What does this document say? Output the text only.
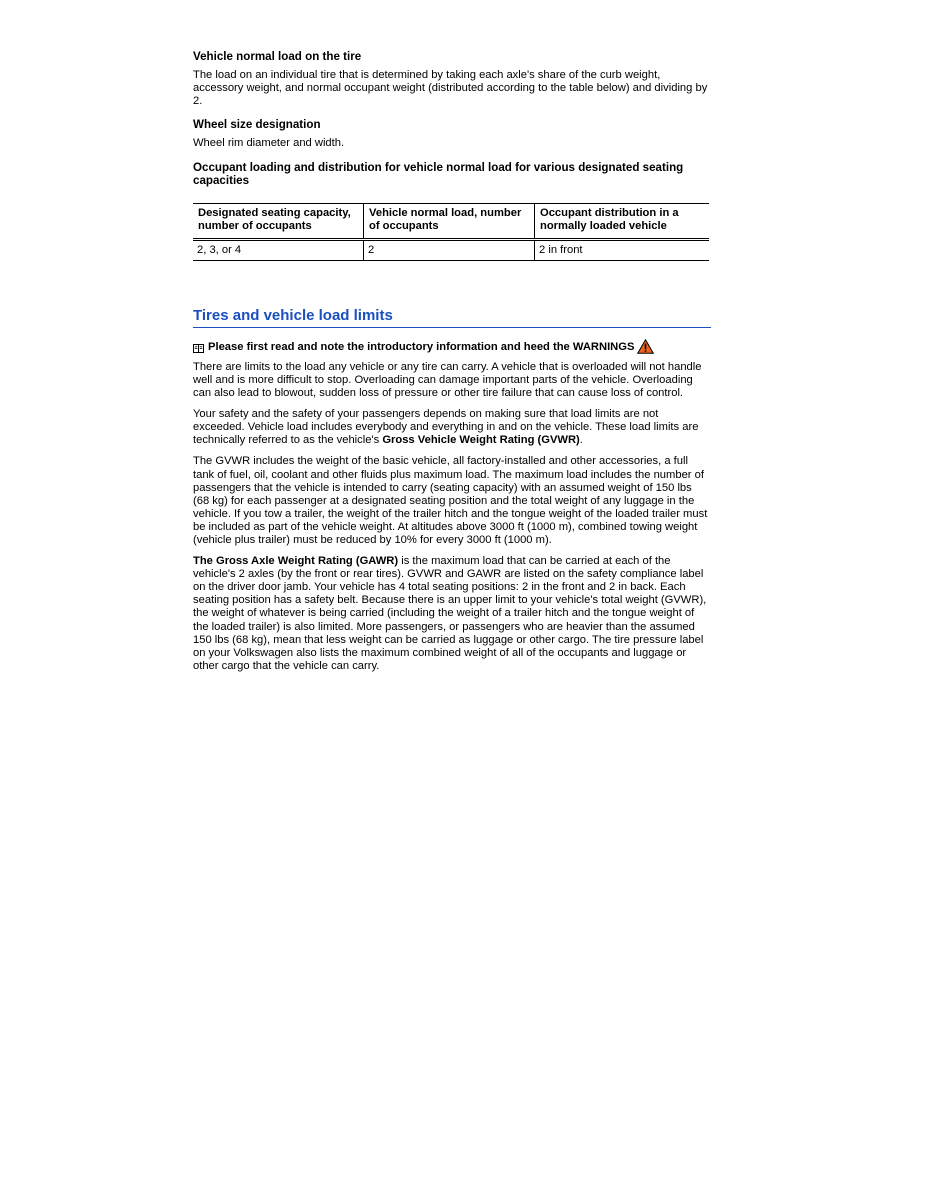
Vehicle normal load on the tire
The load on an individual tire that is determined by taking each axle's share of the curb weight, accessory weight, and normal occupant weight (distributed according to the table below) and dividing by 2.
Wheel size designation
Wheel rim diameter and width.
Occupant loading and distribution for vehicle normal load for various designated seating capacities
Designated seating capacity, number of occupants	Vehicle normal load, number of occupants	Occupant distribution in a normally loaded vehicle
2, 3, or 4	2	2 in front
Tires and vehicle load limits
Please first read and note the introductory information and heed the WARNINGS
There are limits to the load any vehicle or any tire can carry. A vehicle that is overloaded will not handle well and is more difficult to stop. Overloading can damage important parts of the vehicle. Overloading can also lead to blowout, sudden loss of pressure or other tire failure that can cause loss of control.
Your safety and the safety of your passengers depends on making sure that load limits are not exceeded. Vehicle load includes everybody and everything in and on the vehicle. These load limits are technically referred to as the vehicle's Gross Vehicle Weight Rating (GVWR).
The GVWR includes the weight of the basic vehicle, all factory-installed and other accessories, a full tank of fuel, oil, coolant and other fluids plus maximum load. The maximum load includes the number of passengers that the vehicle is intended to carry (seating capacity) with an assumed weight of 150 lbs (68 kg) for each passenger at a designated seating position and the total weight of any luggage in the vehicle. If you tow a trailer, the weight of the trailer hitch and the tongue weight of the loaded trailer must be included as part of the vehicle weight. At altitudes above 3000 ft (1000 m), combined towing weight (vehicle plus trailer) must be reduced by 10% for every 3000 ft (1000 m).
The Gross Axle Weight Rating (GAWR) is the maximum load that can be carried at each of the vehicle's 2 axles (by the front or rear tires). GVWR and GAWR are listed on the safety compliance label on the driver door jamb. Your vehicle has 4 total seating positions: 2 in the front and 2 in back. Each seating position has a safety belt. Because there is an upper limit to your vehicle's total weight (GVWR), the weight of whatever is being carried (including the weight of a trailer hitch and the tongue weight of the loaded trailer) is also limited. More passengers, or passengers who are heavier than the assumed 150 lbs (68 kg), mean that less weight can be carried as luggage or other cargo. The tire pressure label on your Volkswagen also lists the maximum combined weight of all of the occupants and luggage or other cargo that the vehicle can carry.
